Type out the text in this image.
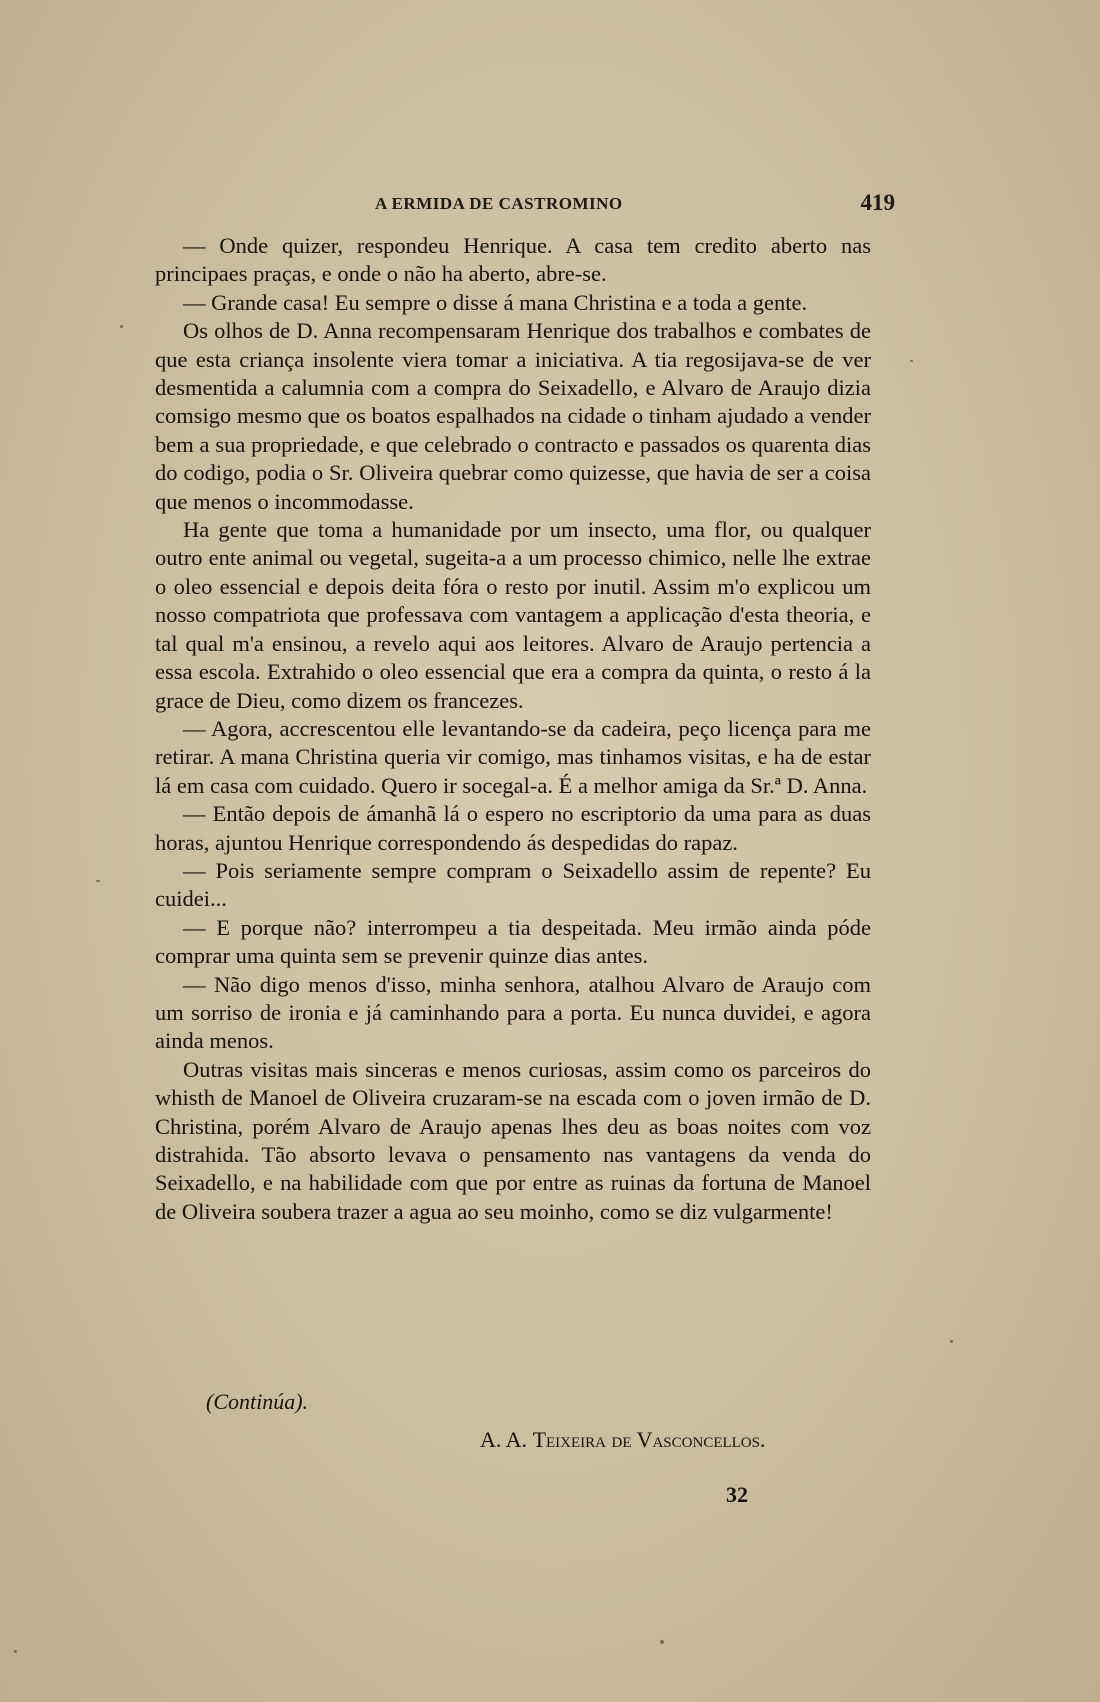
A ERMIDA DE CASTROMINO	419

— Onde quizer, respondeu Henrique. A casa tem credito aberto nas principaes praças, e onde o não ha aberto, abre-se.

— Grande casa! Eu sempre o disse á mana Christina e a toda a gente.

Os olhos de D. Anna recompensaram Henrique dos trabalhos e combates de que esta criança insolente viera tomar a iniciativa. A tia regosijava-se de ver desmentida a calumnia com a compra do Seixadello, e Alvaro de Araujo dizia comsigo mesmo que os boatos espalhados na cidade o tinham ajudado a vender bem a sua propriedade, e que celebrado o contracto e passados os quarenta dias do codigo, podia o Sr. Oliveira quebrar como quizesse, que havia de ser a coisa que menos o incommodasse.

Ha gente que toma a humanidade por um insecto, uma flor, ou qualquer outro ente animal ou vegetal, sugeita-a a um processo chimico, nelle lhe extrae o oleo essencial e depois deita fóra o resto por inutil. Assim m'o explicou um nosso compatriota que professava com vantagem a applicação d'esta theoria, e tal qual m'a ensinou, a revelo aqui aos leitores. Alvaro de Araujo pertencia a essa escola. Extrahido o oleo essencial que era a compra da quinta, o resto á la grace de Dieu, como dizem os francezes.

— Agora, accrescentou elle levantando-se da cadeira, peço licença para me retirar. A mana Christina queria vir comigo, mas tinhamos visitas, e ha de estar lá em casa com cuidado. Quero ir socegal-a. É a melhor amiga da Sr.ª D. Anna.

— Então depois de ámanhã lá o espero no escriptorio da uma para as duas horas, ajuntou Henrique correspondendo ás despedidas do rapaz.

— Pois seriamente sempre compram o Seixadello assim de repente? Eu cuidei...

— E porque não? interrompeu a tia despeitada. Meu irmão ainda póde comprar uma quinta sem se prevenir quinze dias antes.

— Não digo menos d'isso, minha senhora, atalhou Alvaro de Araujo com um sorriso de ironia e já caminhando para a porta. Eu nunca duvidei, e agora ainda menos.

Outras visitas mais sinceras e menos curiosas, assim como os parceiros do whisth de Manoel de Oliveira cruzaram-se na escada com o joven irmão de D. Christina, porém Alvaro de Araujo apenas lhes deu as boas noites com voz distrahida. Tão absorto levava o pensamento nas vantagens da venda do Seixadello, e na habilidade com que por entre as ruinas da fortuna de Manoel de Oliveira soubera trazer a agua ao seu moinho, como se diz vulgarmente!

(Continúa).
A. A. Teixeira de Vasconcellos.
32
